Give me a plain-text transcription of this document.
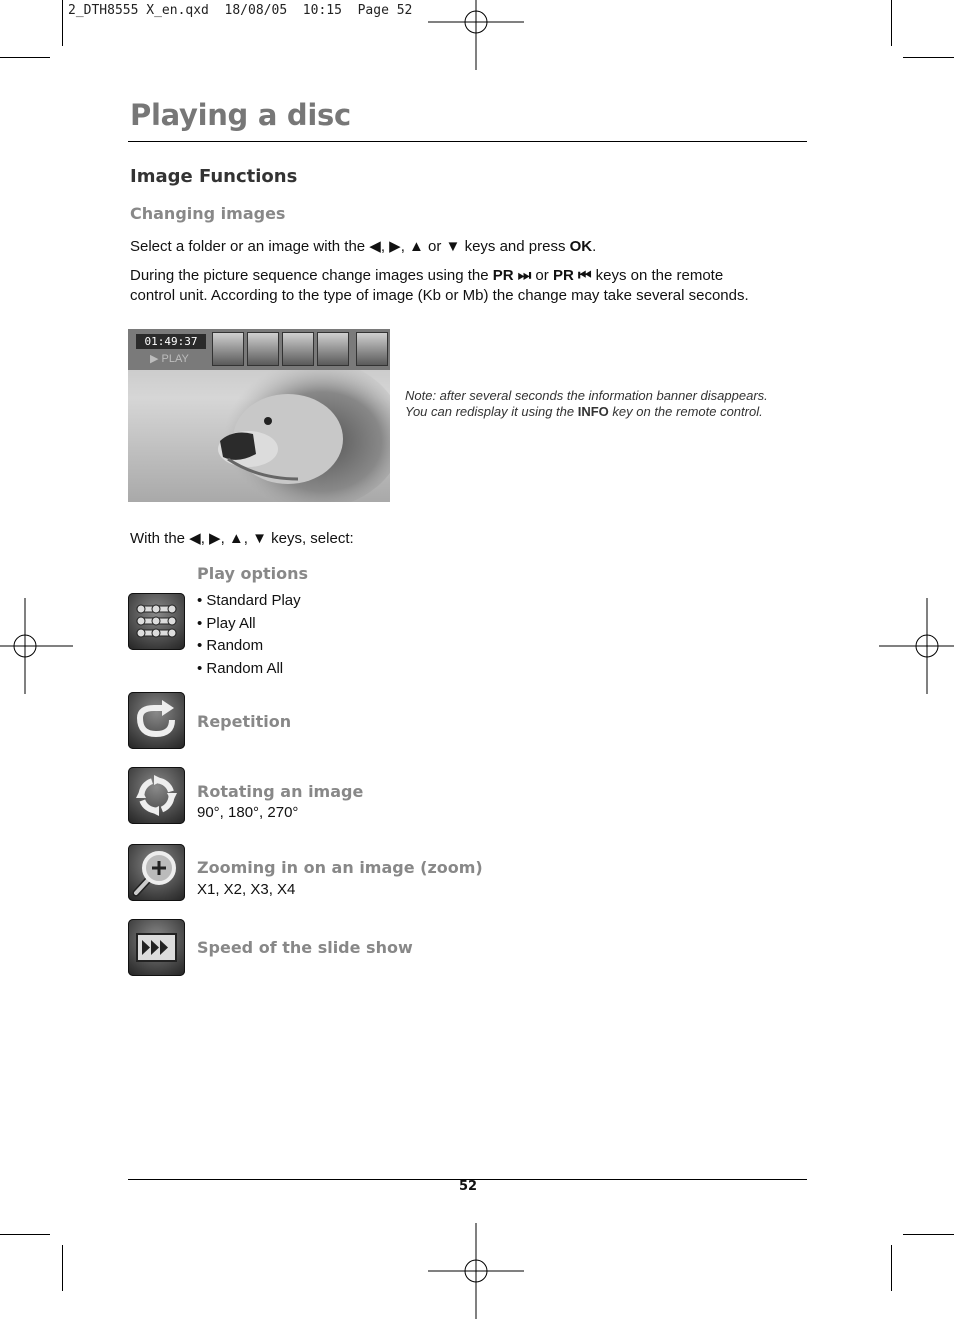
2_DTH8555 X_en.qxd  18/08/05  10:15  Page 52
Playing a disc
Image Functions
Changing images
Select a folder or an image with the ◀, ▶, ▲ or ▼ keys and press OK.
During the picture sequence change images using the PR ⏭ or PR ⏮ keys on the remote
control unit. According to the type of image (Kb or Mb) the change may take several seconds.
01:49:37
▶ PLAY
Note: after several seconds the information banner disappears.
You can redisplay it using the INFO key on the remote control.
With the ◀, ▶, ▲, ▼ keys, select:
Play options
• Standard Play
• Play All
• Random
• Random All
Repetition
Rotating an image
90°, 180°, 270°
Zooming in on an image (zoom)
X1, X2, X3, X4
Speed of the slide show
52
